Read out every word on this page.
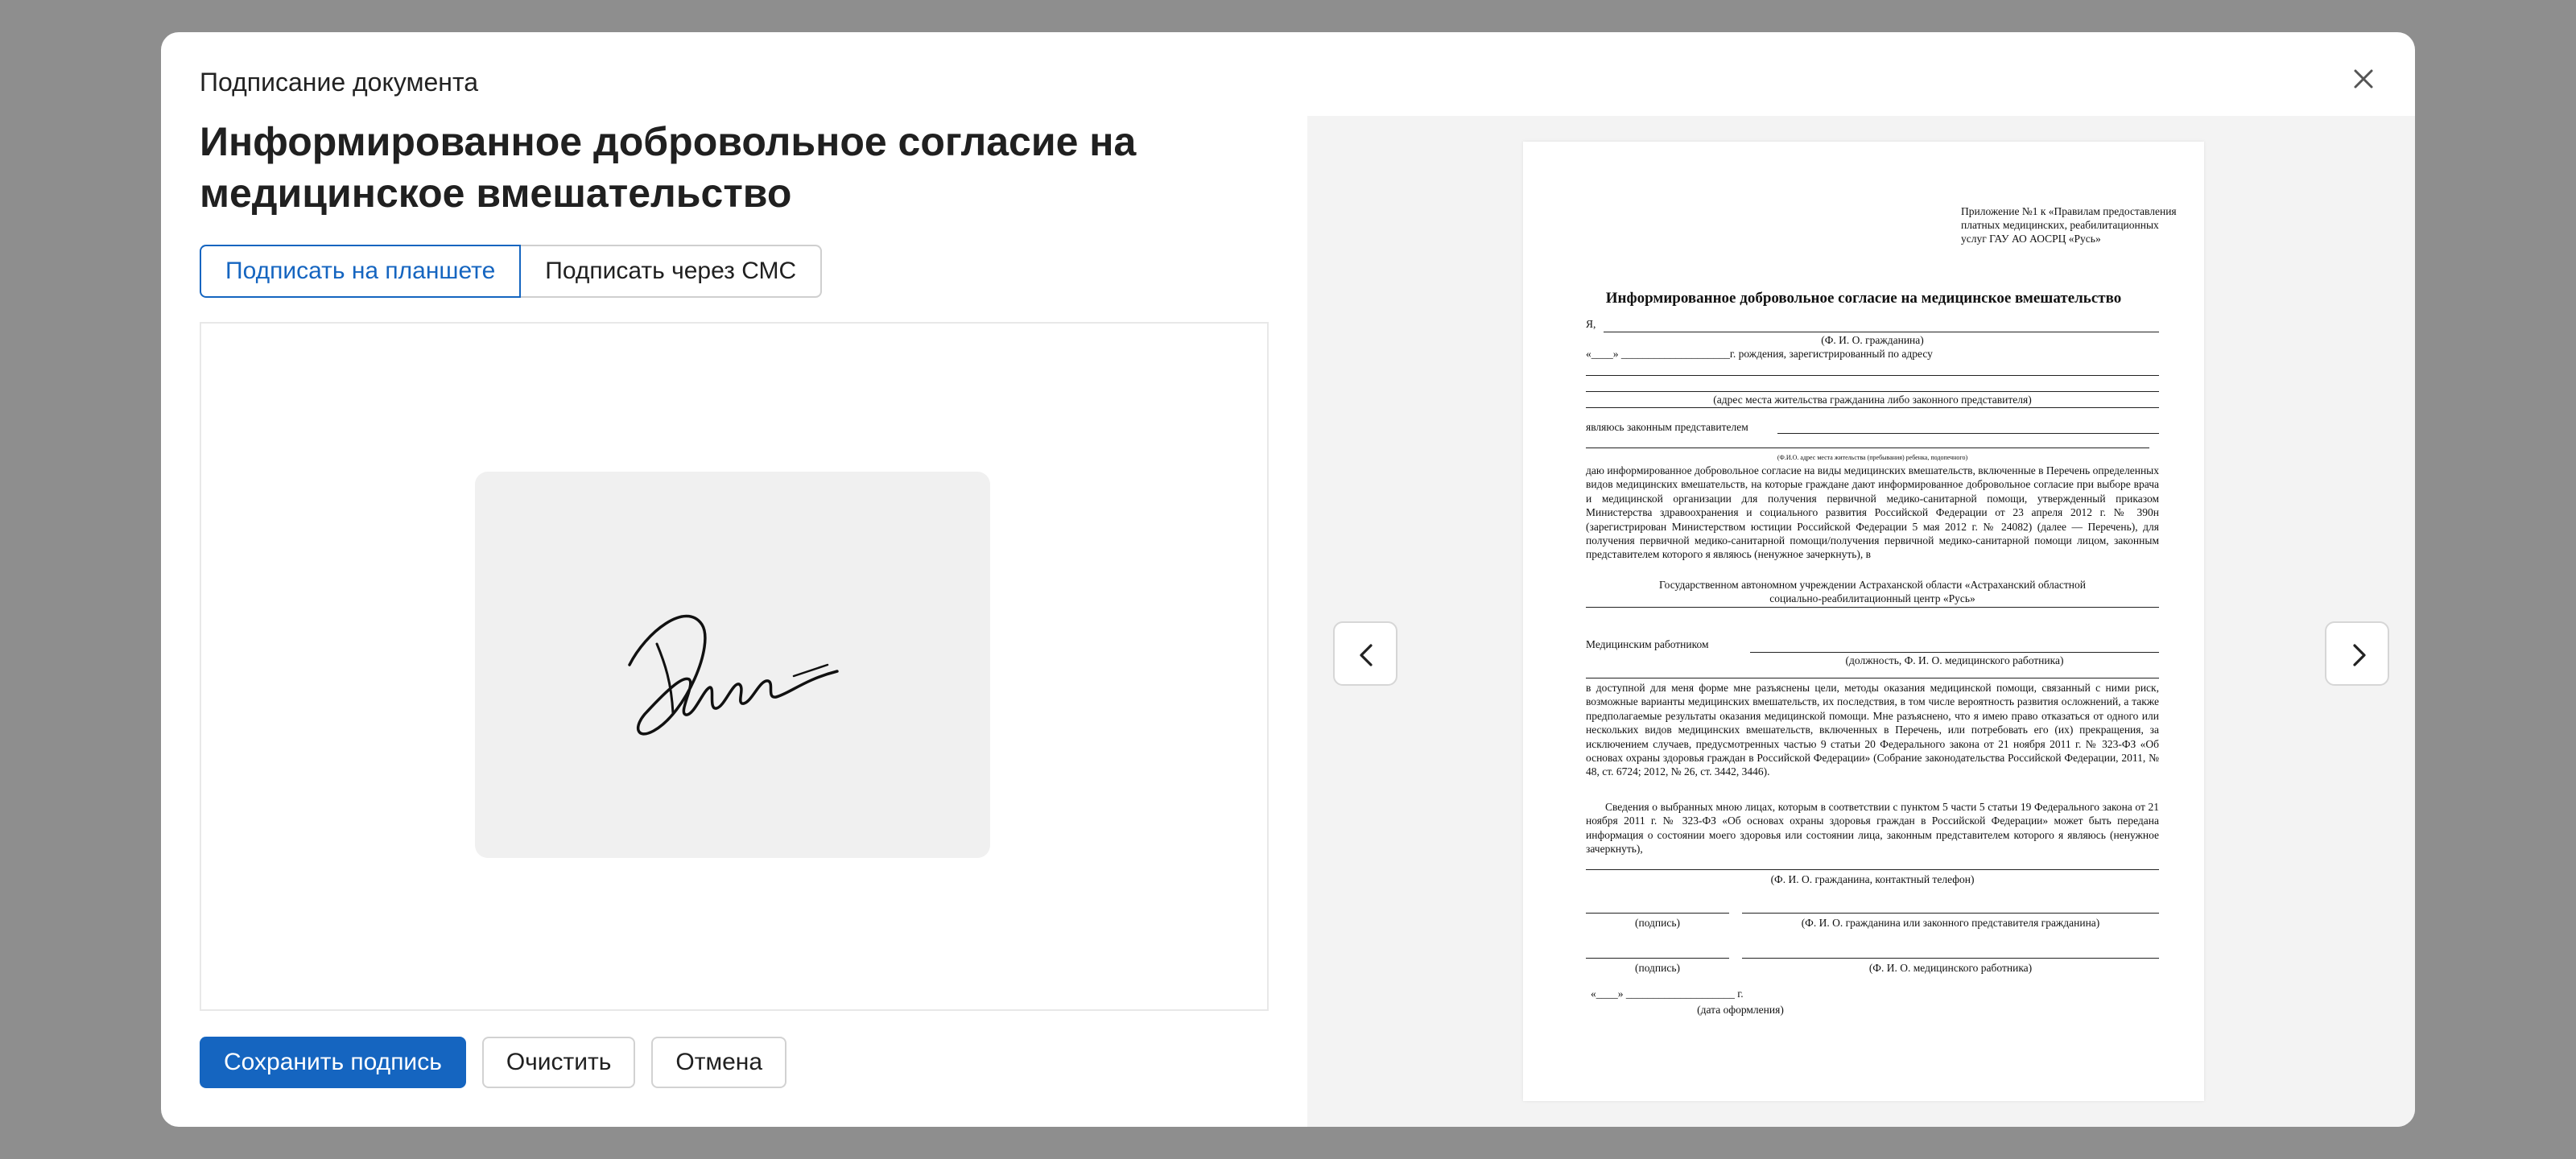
Подписание документа
Информированное добровольное согласие на медицинское вмешательство
Подписать на планшете	Подписать через СМС
Сохранить подпись	Очистить	Отмена
Приложение №1 к «Правилам предоставления платных медицинских, реабилитационных услуг ГАУ АО АОСРЦ «Русь»
Информированное добровольное согласие на медицинское вмешательство
Я,
(Ф. И. О. гражданина)
«____» ____________________г. рождения, зарегистрированный по адресу
(адрес места жительства гражданина либо законного представителя)
являюсь законным представителем
(Ф.И.О. адрес места жительства (пребывания) ребенка, подопечного)
даю информированное добровольное согласие на виды медицинских вмешательств, включенные в Перечень определенных видов медицинских вмешательств, на которые граждане дают информированное добровольное согласие при выборе врача и медицинской организации для получения первичной медико-санитарной помощи, утвержденный приказом Министерства здравоохранения и социального развития Российской Федерации от 23 апреля 2012 г. № 390н (зарегистрирован Министерством юстиции Российской Федерации 5 мая 2012 г. № 24082) (далее — Перечень), для получения первичной медико-санитарной помощи/получения первичной медико-санитарной помощи лицом, законным представителем которого я являюсь (ненужное зачеркнуть), в
Государственном автономном учреждении Астраханской области «Астраханский областной
социально-реабилитационный центр «Русь»
Медицинским работником
(должность, Ф. И. О. медицинского работника)
в доступной для меня форме мне разъяснены цели, методы оказания медицинской помощи, связанный с ними риск, возможные варианты медицинских вмешательств, их последствия, в том числе вероятность развития осложнений, а также предполагаемые результаты оказания медицинской помощи. Мне разъяснено, что я имею право отказаться от одного или нескольких видов медицинских вмешательств, включенных в Перечень, или потребовать его (их) прекращения, за исключением случаев, предусмотренных частью 9 статьи 20 Федерального закона от 21 ноября 2011 г. № 323-ФЗ «Об основах охраны здоровья граждан в Российской Федерации» (Собрание законодательства Российской Федерации, 2011, № 48, ст. 6724; 2012, № 26, ст. 3442, 3446).
Сведения о выбранных мною лицах, которым в соответствии с пунктом 5 части 5 статьи 19 Федерального закона от 21 ноября 2011 г. № 323-ФЗ «Об основах охраны здоровья граждан в Российской Федерации» может быть передана информация о состоянии моего здоровья или состоянии лица, законным представителем которого я являюсь (ненужное зачеркнуть),
(Ф. И. О. гражданина, контактный телефон)
(подпись)	(Ф. И. О. гражданина или законного представителя гражданина)
(подпись)	(Ф. И. О. медицинского работника)
«____» ____________________ г.
(дата оформления)
